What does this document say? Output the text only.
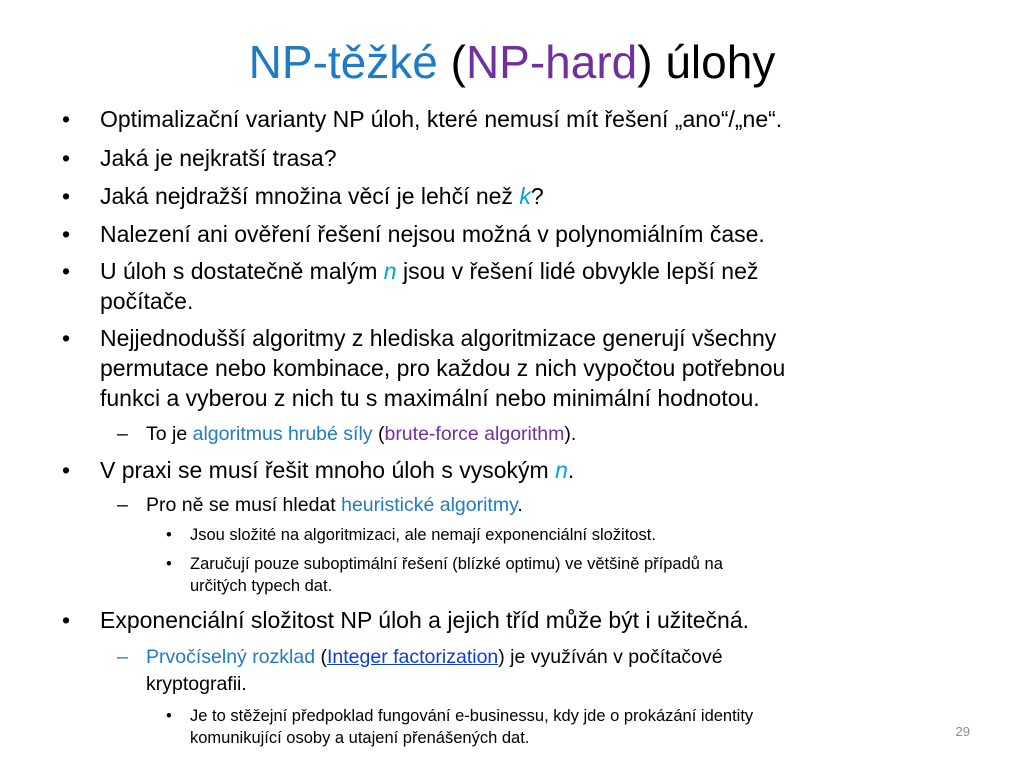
NP-těžké (NP-hard) úlohy
• Optimalizační varianty NP úloh, které nemusí mít řešení „ano“/„ne“.
• Jaká je nejkratší trasa?
• Jaká nejdražší množina věcí je lehčí než k?
• Nalezení ani ověření řešení nejsou možná v polynomiálním čase.
• U úloh s dostatečně malým n jsou v řešení lidé obvykle lepší než
počítače.
• Nejjednodušší algoritmy z hlediska algoritmizace generují všechny
permutace nebo kombinace, pro každou z nich vypočtou potřebnou
funkci a vyberou z nich tu s maximální nebo minimální hodnotou.
– To je algoritmus hrubé síly (brute-force algorithm).
• V praxi se musí řešit mnoho úloh s vysokým n.
– Pro ně se musí hledat heuristické algoritmy.
• Jsou složité na algoritmizaci, ale nemají exponenciální složitost.
• Zaručují pouze suboptimální řešení (blízké optimu) ve většině případů na
určitých typech dat.
• Exponenciální složitost NP úloh a jejich tříd může být i užitečná.
– Prvočíselný rozklad (Integer factorization) je využíván v počítačové
kryptografii.
• Je to stěžejní předpoklad fungování e-businessu, kdy jde o prokázání identity
komunikující osoby a utajení přenášených dat.	29
